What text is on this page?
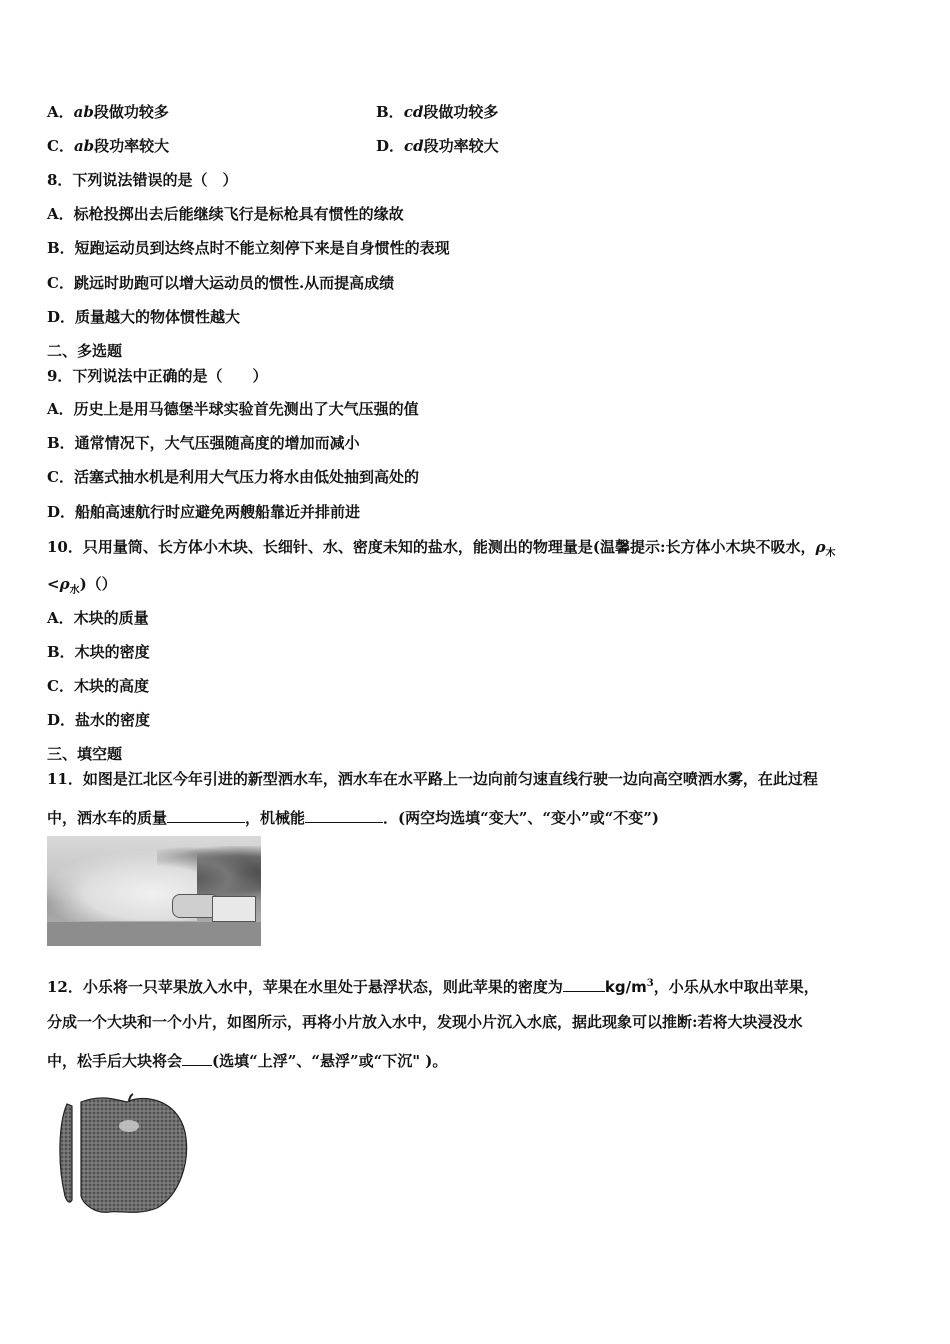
A．ab段做功较多	B．cd段做功较多
C．ab段功率较大	D．cd段功率较大
8．下列说法错误的是（　）
A．标枪投掷出去后能继续飞行是标枪具有惯性的缘故
B．短跑运动员到达终点时不能立刻停下来是自身惯性的表现
C．跳远时助跑可以增大运动员的惯性.从而提高成绩
D．质量越大的物体惯性越大
二、多选题
9．下列说法中正确的是（　　）
A．历史上是用马德堡半球实验首先测出了大气压强的值
B．通常情况下，大气压强随高度的增加而减小
C．活塞式抽水机是利用大气压力将水由低处抽到高处的
D．船舶高速航行时应避免两艘船靠近并排前进
10．只用量筒、长方体小木块、长细针、水、密度未知的盐水，能测出的物理量是(温馨提示:长方体小木块不吸水，$\rho_木$
$<\rho_水)()$
A．木块的质量
B．木块的密度
C．木块的高度
D．盐水的密度
三、填空题
11．如图是江北区今年引进的新型洒水车，洒水车在水平路上一边向前匀速直线行驶一边向高空喷洒水雾，在此过程
中，洒水车的质量	，机械能	．(两空均选填“变大”、“变小”或“不变”)
12．小乐将一只苹果放入水中，苹果在水里处于悬浮状态，则此苹果的密度为	$kg/m^3$，小乐从水中取出苹果，
分成一个大块和一个小片，如图所示，再将小片放入水中，发现小片沉入水底，据此现象可以推断:若将大块浸没水
中，松手后大块将会 (选填“上浮”、“悬浮”或“下沉" )。
